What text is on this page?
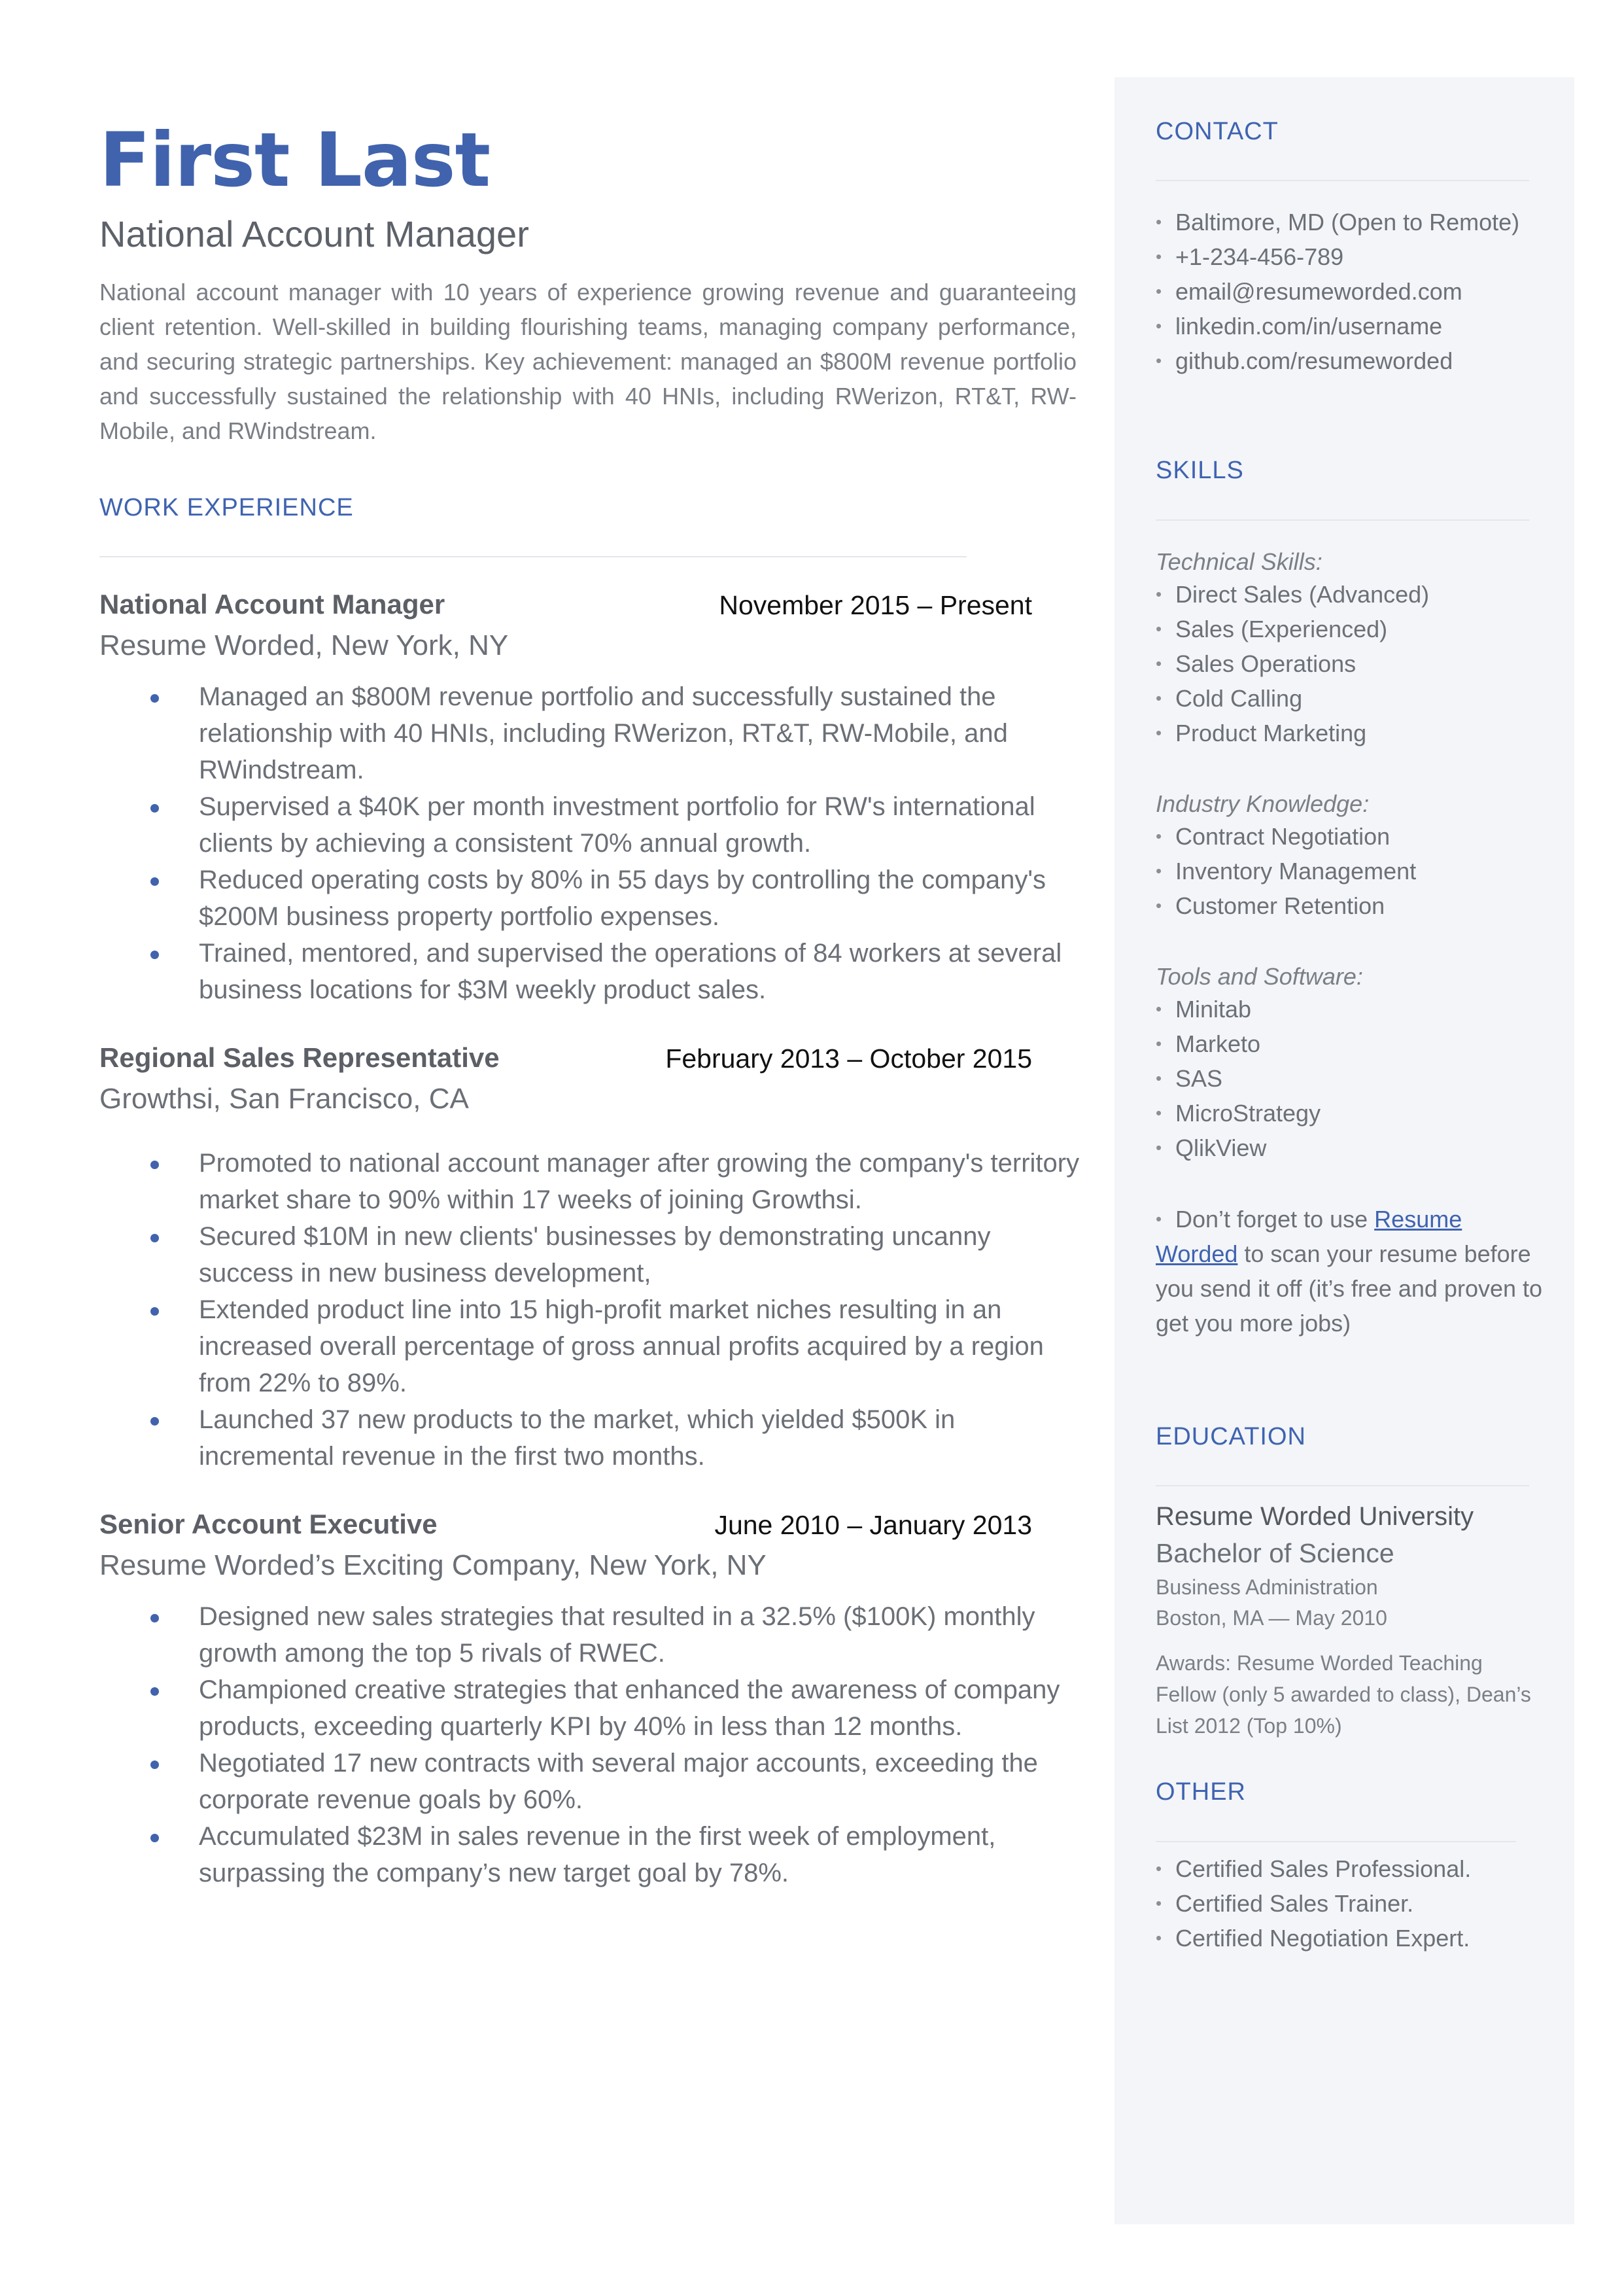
First Last
National Account Manager
National account manager with 10 years of experience growing revenue and guaranteeing client retention. Well-skilled in building flourishing teams, managing company performance, and securing strategic partnerships. Key achievement: managed an $800M revenue portfolio and successfully sustained the relationship with 40 HNIs, including RWerizon, RT&T, RW-Mobile, and RWindstream.
WORK EXPERIENCE
National Account Manager	November 2015 – Present
Resume Worded, New York, NY
Managed an $800M revenue portfolio and successfully sustained the relationship with 40 HNIs, including RWerizon, RT&T, RW-Mobile, and RWindstream.
Supervised a $40K per month investment portfolio for RW's international clients by achieving a consistent 70% annual growth.
Reduced operating costs by 80% in 55 days by controlling the company's $200M business property portfolio expenses.
Trained, mentored, and supervised the operations of 84 workers at several business locations for $3M weekly product sales.
Regional Sales Representative	February 2013 – October 2015
Growthsi, San Francisco, CA
Promoted to national account manager after growing the company's territory market share to 90% within 17 weeks of joining Growthsi.
Secured $10M in new clients' businesses by demonstrating uncanny success in new business development,
Extended product line into 15 high-profit market niches resulting in an increased overall percentage of gross annual profits acquired by a region from 22% to 89%.
Launched 37 new products to the market, which yielded $500K in incremental revenue in the first two months.
Senior Account Executive	June 2010 – January 2013
Resume Worded’s Exciting Company, New York, NY
Designed new sales strategies that resulted in a 32.5% ($100K) monthly growth among the top 5 rivals of RWEC.
Championed creative strategies that enhanced the awareness of company products, exceeding quarterly KPI by 40% in less than 12 months.
Negotiated 17 new contracts with several major accounts, exceeding the corporate revenue goals by 60%.
Accumulated $23M in sales revenue in the first week of employment, surpassing the company’s new target goal by 78%.
CONTACT
• Baltimore, MD (Open to Remote)
• +1-234-456-789
• email@resumeworded.com
• linkedin.com/in/username
• github.com/resumeworded
SKILLS
Technical Skills:
• Direct Sales (Advanced)
• Sales (Experienced)
• Sales Operations
• Cold Calling
• Product Marketing
Industry Knowledge:
• Contract Negotiation
• Inventory Management
• Customer Retention
Tools and Software:
• Minitab
• Marketo
• SAS
• MicroStrategy
• QlikView
• Don’t forget to use Resume Worded to scan your resume before you send it off (it’s free and proven to get you more jobs)
EDUCATION
Resume Worded University
Bachelor of Science
Business Administration
Boston, MA — May 2010
Awards: Resume Worded Teaching Fellow (only 5 awarded to class), Dean’s List 2012 (Top 10%)
OTHER
• Certified Sales Professional.
• Certified Sales Trainer.
• Certified Negotiation Expert.
